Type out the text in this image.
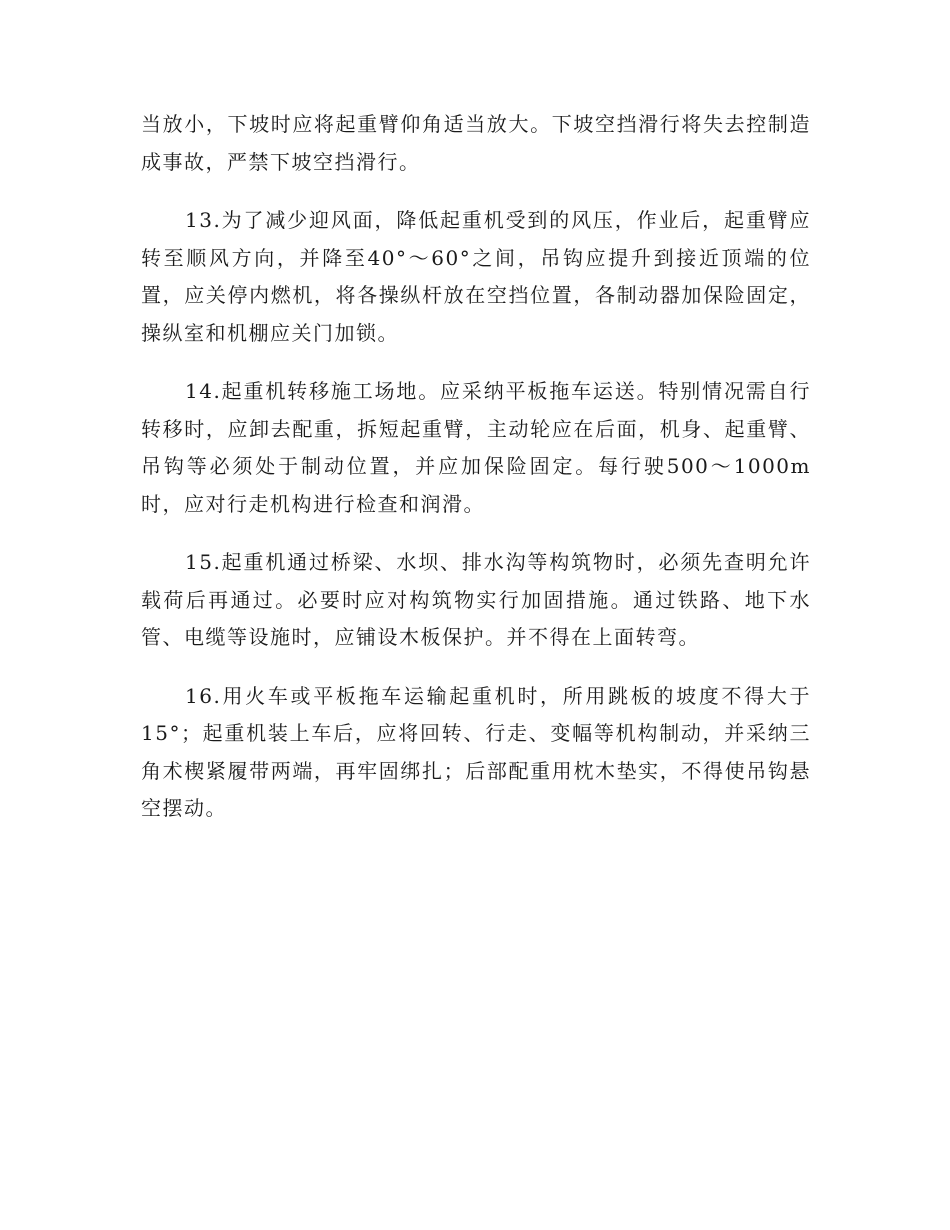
当放小，下坡时应将起重臂仰角适当放大。下坡空挡滑行将失去控制造成事故，严禁下坡空挡滑行。

13.为了减少迎风面，降低起重机受到的风压，作业后，起重臂应转至顺风方向，并降至40°～60°之间，吊钩应提升到接近顶端的位置，应关停内燃机，将各操纵杆放在空挡位置，各制动器加保险固定，操纵室和机棚应关门加锁。

14.起重机转移施工场地。应采纳平板拖车运送。特别情况需自行转移时，应卸去配重，拆短起重臂，主动轮应在后面，机身、起重臂、吊钩等必须处于制动位置，并应加保险固定。每行驶500～1000m时，应对行走机构进行检查和润滑。

15.起重机通过桥梁、水坝、排水沟等构筑物时，必须先查明允许载荷后再通过。必要时应对构筑物实行加固措施。通过铁路、地下水管、电缆等设施时，应铺设木板保护。并不得在上面转弯。

16.用火车或平板拖车运输起重机时，所用跳板的坡度不得大于15°；起重机装上车后，应将回转、行走、变幅等机构制动，并采纳三角术楔紧履带两端，再牢固绑扎；后部配重用枕木垫实，不得使吊钩悬空摆动。
